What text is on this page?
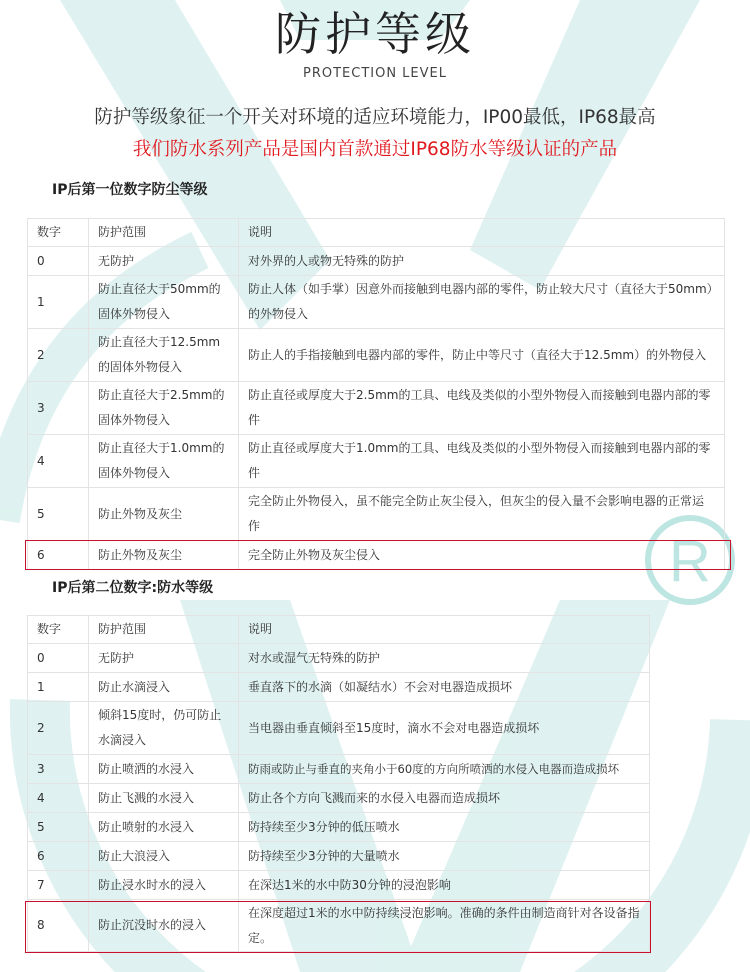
R
防护等级
PROTECTION LEVEL
防护等级象征一个开关对环境的适应环境能力，IP00最低，IP68最高
我们防水系列产品是国内首款通过IP68防水等级认证的产品
IP后第一位数字防尘等级
数字	防护范围	说明
0	无防护	对外界的人或物无特殊的防护
1	防止直径大于50mm的固体外物侵入	防止人体（如手掌）因意外而接触到电器内部的零件，防止较大尺寸（直径大于50mm）的外物侵入
2	防止直径大于12.5mm的固体外物侵入	防止人的手指接触到电器内部的零件，防止中等尺寸（直径大于12.5mm）的外物侵入
3	防止直径大于2.5mm的固体外物侵入	防止直径或厚度大于2.5mm的工具、电线及类似的小型外物侵入而接触到电器内部的零件
4	防止直径大于1.0mm的固体外物侵入	防止直径或厚度大于1.0mm的工具、电线及类似的小型外物侵入而接触到电器内部的零件
5	防止外物及灰尘	完全防止外物侵入，虽不能完全防止灰尘侵入，但灰尘的侵入量不会影响电器的正常运作
6	防止外物及灰尘	完全防止外物及灰尘侵入
IP后第二位数字:防水等级
数字	防护范围	说明
0	无防护	对水或湿气无特殊的防护
1	防止水滴浸入	垂直落下的水滴（如凝结水）不会对电器造成损坏
2	倾斜15度时，仍可防止水滴浸入	当电器由垂直倾斜至15度时，滴水不会对电器造成损坏
3	防止喷洒的水浸入	防雨或防止与垂直的夹角小于60度的方向所喷洒的水侵入电器而造成损坏
4	防止飞溅的水浸入	防止各个方向飞溅而来的水侵入电器而造成损坏
5	防止喷射的水浸入	防持续至少3分钟的低压喷水
6	防止大浪浸入	防持续至少3分钟的大量喷水
7	防止浸水时水的浸入	在深达1米的水中防30分钟的浸泡影响
8	防止沉没时水的浸入	在深度超过1米的水中防持续浸泡影响。准确的条件由制造商针对各设备指定。
